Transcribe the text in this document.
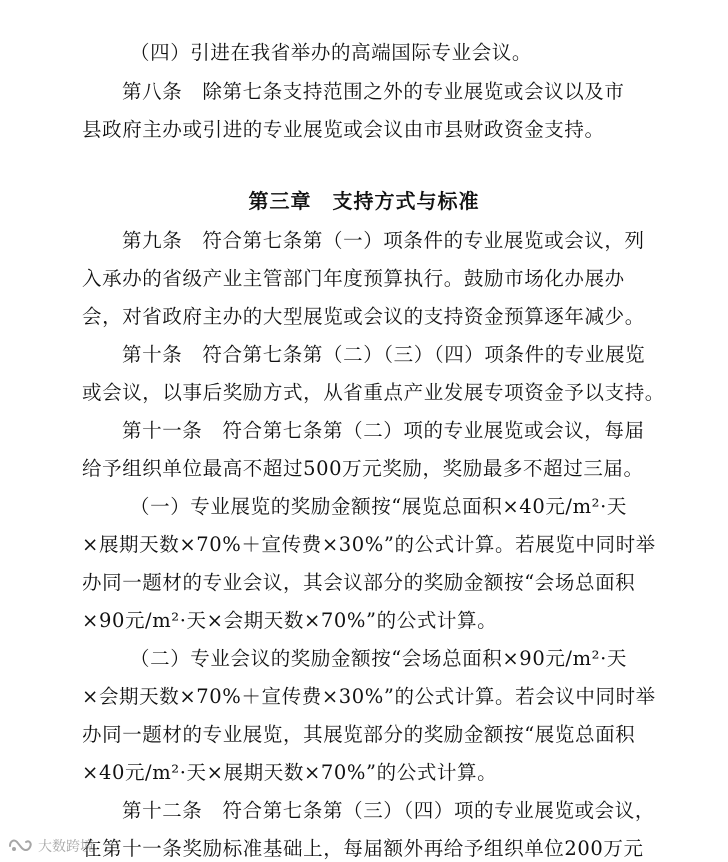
（四）引进在我省举办的高端国际专业会议。
第八条　除第七条支持范围之外的专业展览或会议以及市
县政府主办或引进的专业展览或会议由市县财政资金支持。
第三章　支持方式与标准
第九条　符合第七条第（一）项条件的专业展览或会议，列
入承办的省级产业主管部门年度预算执行。鼓励市场化办展办
会，对省政府主办的大型展览或会议的支持资金预算逐年减少。
第十条　符合第七条第（二）（三）（四）项条件的专业展览
或会议，以事后奖励方式，从省重点产业发展专项资金予以支持。
第十一条　符合第七条第（二）项的专业展览或会议，每届
给予组织单位最高不超过500万元奖励，奖励最多不超过三届。
（一）专业展览的奖励金额按“展览总面积×40元/m²·天
×展期天数×70%＋宣传费×30%”的公式计算。若展览中同时举
办同一题材的专业会议，其会议部分的奖励金额按“会场总面积
×90元/m²·天×会期天数×70%”的公式计算。
（二）专业会议的奖励金额按“会场总面积×90元/m²·天
×会期天数×70%＋宣传费×30%”的公式计算。若会议中同时举
办同一题材的专业展览，其展览部分的奖励金额按“展览总面积
×40元/m²·天×展期天数×70%”的公式计算。
第十二条　符合第七条第（三）（四）项的专业展览或会议，
在第十一条奖励标准基础上，每届额外再给予组织单位200万元
大数跨境
